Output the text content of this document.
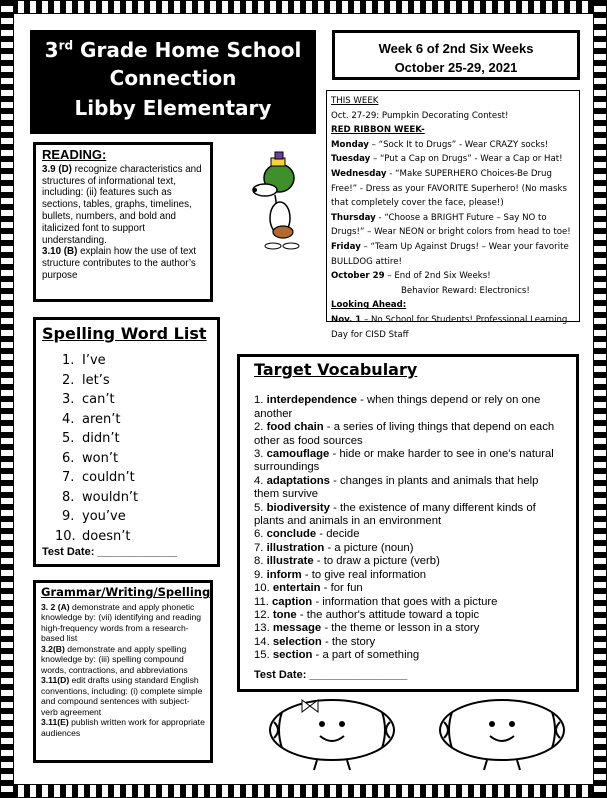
3rd Grade Home School
Connection
Libby Elementary
Week 6 of 2nd Six Weeks
October 25-29, 2021
THIS WEEK
Oct. 27-29: Pumpkin Decorating Contest!
RED RIBBON WEEK-
Monday – “Sock It to Drugs” - Wear CRAZY socks!
Tuesday – “Put a Cap on Drugs” - Wear a Cap or Hat!
Wednesday - “Make SUPERHERO Choices-Be Drug Free!” - Dress as your FAVORITE Superhero! (No masks that completely cover the face, please!)
Thursday - “Choose a BRIGHT Future – Say NO to Drugs!” – Wear NEON or bright colors from head to toe!
Friday – “Team Up Against Drugs! – Wear your favorite BULLDOG attire!
October 29 – End of 2nd Six Weeks!
Behavior Reward: Electronics!
Looking Ahead:
Nov. 1 – No School for Students! Professional Learning Day for CISD Staff
READING:
3.9 (D) recognize characteristics and structures of informational text, including: (ii) features such as sections, tables, graphs, timelines, bullets, numbers, and bold and italicized font to support understanding.
3.10 (B) explain how the use of text structure contributes to the author’s purpose
Spelling Word List
1. I’ve
2. let’s
3. can’t
4. aren’t
5. didn’t
6. won’t
7. couldn’t
8. wouldn’t
9. you’ve
10. doesn’t
Test Date: _____________
Grammar/Writing/Spelling
3. 2 (A) demonstrate and apply phonetic knowledge by: (vii) identifying and reading high-frequency words from a research-based list
3.2(B) demonstrate and apply spelling knowledge by: (iii) spelling compound words, contractions, and abbreviations
3.11(D) edit drafts using standard English conventions, including: (i) complete simple and compound sentences with subject-verb agreement
3.11(E) publish written work for appropriate audiences
Target Vocabulary
1. interdependence - when things depend or rely on one another
2. food chain - a series of living things that depend on each other as food sources
3. camouflage - hide or make harder to see in one's natural surroundings
4. adaptations - changes in plants and animals that help them survive
5. biodiversity - the existence of many different kinds of plants and animals in an environment
6. conclude - decide
7. illustration - a picture (noun)
8. illustrate - to draw a picture (verb)
9. inform - to give real information
10. entertain - for fun
11. caption - information that goes with a picture
12. tone - the author's attitude toward a topic
13. message - the theme or lesson in a story
14. selection - the story
15. section - a part of something
Test Date: ________________
